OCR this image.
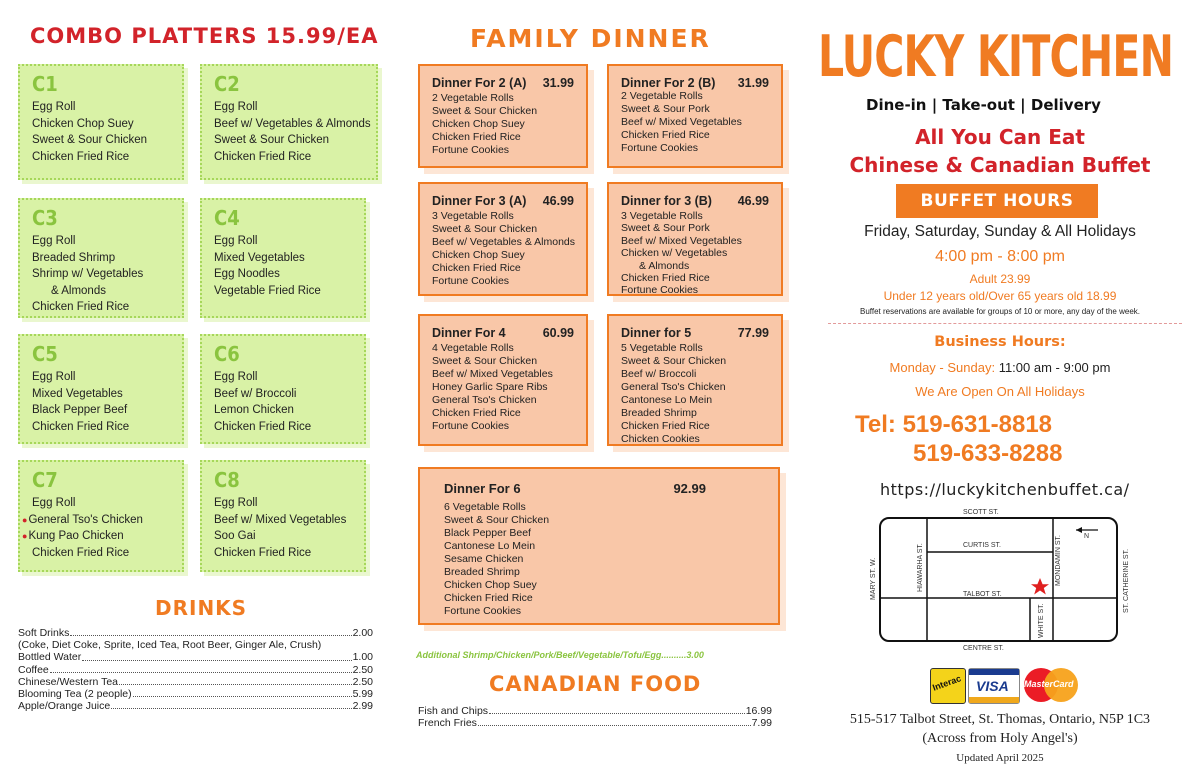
COMBO PLATTERS 15.99/EA
C1
Egg Roll
Chicken Chop Suey
Sweet & Sour Chicken
Chicken Fried Rice
C2
Egg Roll
Beef w/ Vegetables & Almonds
Sweet & Sour Chicken
Chicken Fried Rice
C3
Egg Roll
Breaded Shrimp
Shrimp w/ Vegetables
& Almonds
Chicken Fried Rice
C4
Egg Roll
Mixed Vegetables
Egg Noodles
Vegetable Fried Rice
C5
Egg Roll
Mixed Vegetables
Black Pepper Beef
Chicken Fried Rice
C6
Egg Roll
Beef w/ Broccoli
Lemon Chicken
Chicken Fried Rice
C7
Egg Roll
●General Tso's Chicken
●Kung Pao Chicken
Chicken Fried Rice
C8
Egg Roll
Beef w/ Mixed Vegetables
Soo Gai
Chicken Fried Rice
DRINKS
Soft Drinks	2.00
(Coke, Diet Coke, Sprite, Iced Tea, Root Beer, Ginger Ale, Crush)
Bottled Water	1.00
Coffee	2.50
Chinese/Western Tea	2.50
Blooming Tea (2 people)	5.99
Apple/Orange Juice	2.99
FAMILY DINNER
Dinner For 2 (A) 31.99
2 Vegetable Rolls
Sweet & Sour Chicken
Chicken Chop Suey
Chicken Fried Rice
Fortune Cookies
Dinner For 2 (B) 31.99
2 Vegetable Rolls
Sweet & Sour Pork
Beef w/ Mixed Vegetables
Chicken Fried Rice
Fortune Cookies
Dinner For 3 (A) 46.99
3 Vegetable Rolls
Sweet & Sour Chicken
Beef w/ Vegetables & Almonds
Chicken Chop Suey
Chicken Fried Rice
Fortune Cookies
Dinner for 3 (B) 46.99
3 Vegetable Rolls
Sweet & Sour Pork
Beef w/ Mixed Vegetables
Chicken w/ Vegetables
& Almonds
Chicken Fried Rice
Fortune Cookies
Dinner For 4	60.99
4 Vegetable Rolls
Sweet & Sour Chicken
Beef w/ Mixed Vegetables
Honey Garlic Spare Ribs
General Tso's Chicken
Chicken Fried Rice
Fortune Cookies
Dinner for 5	77.99
5 Vegetable Rolls
Sweet & Sour Chicken
Beef w/ Broccoli
General Tso's Chicken
Cantonese Lo Mein
Breaded Shrimp
Chicken Fried Rice
Chicken Cookies
Dinner For 6	92.99
6 Vegetable Rolls
Sweet & Sour Chicken
Black Pepper Beef
Cantonese Lo Mein
Sesame Chicken
Breaded Shrimp
Chicken Chop Suey
Chicken Fried Rice
Fortune Cookies
Additional Shrimp/Chicken/Pork/Beef/Vegetable/Tofu/Egg..........3.00
CANADIAN FOOD
Fish and Chips	16.99
French Fries	7.99
LUCKY KITCHEN
Dine-in | Take-out | Delivery
All You Can Eat
Chinese & Canadian Buffet
BUFFET HOURS
Friday, Saturday, Sunday & All Holidays
4:00 pm - 8:00 pm
Adult 23.99
Under 12 years old/Over 65 years old 18.99
Buffet reservations are available for groups of 10 or more, any day of the week.
Business Hours:
Monday - Sunday: 11:00 am - 9:00 pm
We Are Open On All Holidays
Tel: 519-631-8818
519-633-8288
https://luckykitchenbuffet.ca/
SCOTT ST.
CURTIS ST.
TALBOT ST.
CENTRE ST.
MARY ST. W.	HIAWARHA ST.	MONDAMIN ST.
WHITE ST.
ST. CATHERINE ST.
N
Interac VISA MasterCard
515-517 Talbot Street, St. Thomas, Ontario, N5P 1C3
(Across from Holy Angel's)
Updated April 2025
